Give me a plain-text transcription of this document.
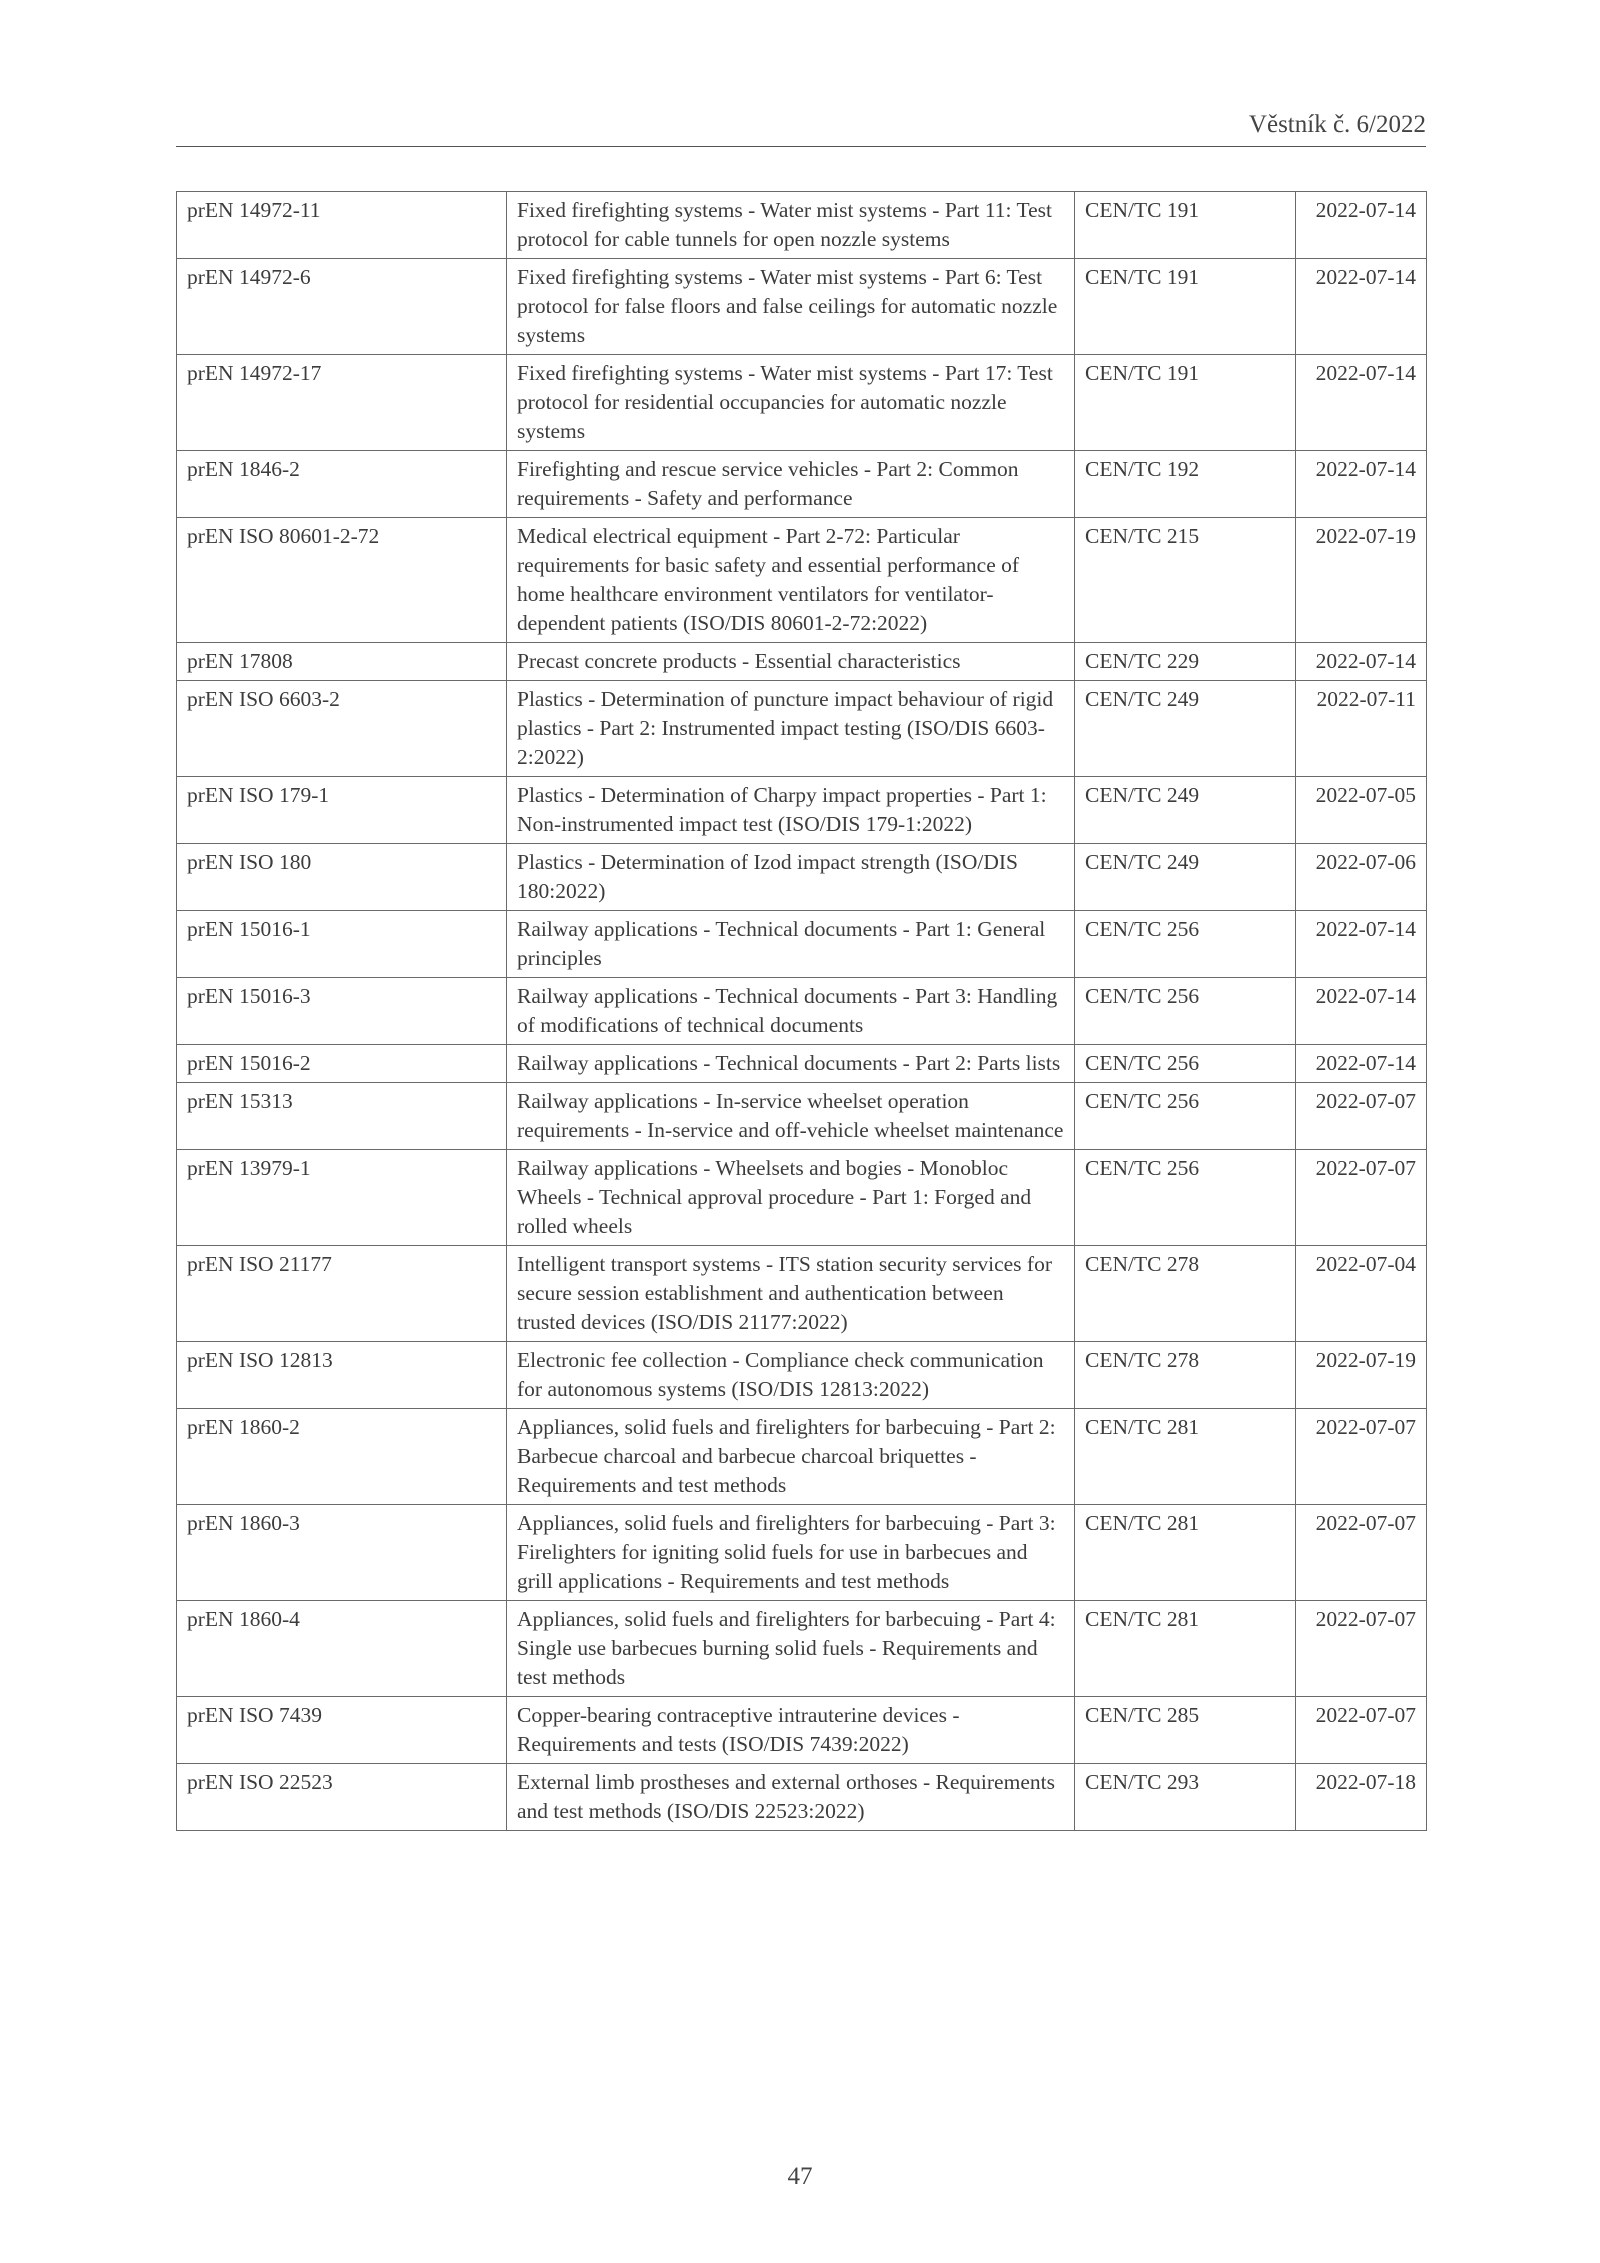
Věstník č. 6/2022
prEN 14972-11	Fixed firefighting systems - Water mist systems - Part 11: Test protocol for cable tunnels for open nozzle systems	CEN/TC 191	2022-07-14
prEN 14972-6	Fixed firefighting systems - Water mist systems - Part 6: Test protocol for false floors and false ceilings for automatic nozzle systems	CEN/TC 191	2022-07-14
prEN 14972-17	Fixed firefighting systems - Water mist systems - Part 17: Test protocol for residential occupancies for automatic nozzle systems	CEN/TC 191	2022-07-14
prEN 1846-2	Firefighting and rescue service vehicles - Part 2: Common requirements - Safety and performance	CEN/TC 192	2022-07-14
prEN ISO 80601-2-72	Medical electrical equipment - Part 2-72: Particular requirements for basic safety and essential performance of home healthcare environment ventilators for ventilator-dependent patients (ISO/DIS 80601-2-72:2022)	CEN/TC 215	2022-07-19
prEN 17808	Precast concrete products - Essential characteristics	CEN/TC 229	2022-07-14
prEN ISO 6603-2	Plastics - Determination of puncture impact behaviour of rigid plastics - Part 2: Instrumented impact testing (ISO/DIS 6603-2:2022)	CEN/TC 249	2022-07-11
prEN ISO 179-1	Plastics - Determination of Charpy impact properties - Part 1: Non-instrumented impact test (ISO/DIS 179-1:2022)	CEN/TC 249	2022-07-05
prEN ISO 180	Plastics - Determination of Izod impact strength (ISO/DIS 180:2022)	CEN/TC 249	2022-07-06
prEN 15016-1	Railway applications - Technical documents - Part 1: General principles	CEN/TC 256	2022-07-14
prEN 15016-3	Railway applications - Technical documents - Part 3: Handling of modifications of technical documents	CEN/TC 256	2022-07-14
prEN 15016-2	Railway applications - Technical documents - Part 2: Parts lists	CEN/TC 256	2022-07-14
prEN 15313	Railway applications - In-service wheelset operation requirements - In-service and off-vehicle wheelset maintenance	CEN/TC 256	2022-07-07
prEN 13979-1	Railway applications - Wheelsets and bogies - Monobloc Wheels - Technical approval procedure - Part 1: Forged and rolled wheels	CEN/TC 256	2022-07-07
prEN ISO 21177	Intelligent transport systems - ITS station security services for secure session establishment and authentication between trusted devices (ISO/DIS 21177:2022)	CEN/TC 278	2022-07-04
prEN ISO 12813	Electronic fee collection - Compliance check communication for autonomous systems (ISO/DIS 12813:2022)	CEN/TC 278	2022-07-19
prEN 1860-2	Appliances, solid fuels and firelighters for barbecuing - Part 2: Barbecue charcoal and barbecue charcoal briquettes - Requirements and test methods	CEN/TC 281	2022-07-07
prEN 1860-3	Appliances, solid fuels and firelighters for barbecuing - Part 3: Firelighters for igniting solid fuels for use in barbecues and grill applications - Requirements and test methods	CEN/TC 281	2022-07-07
prEN 1860-4	Appliances, solid fuels and firelighters for barbecuing - Part 4: Single use barbecues burning solid fuels - Requirements and test methods	CEN/TC 281	2022-07-07
prEN ISO 7439	Copper-bearing contraceptive intrauterine devices - Requirements and tests (ISO/DIS 7439:2022)	CEN/TC 285	2022-07-07
prEN ISO 22523	External limb prostheses and external orthoses - Requirements and test methods (ISO/DIS 22523:2022)	CEN/TC 293	2022-07-18
47
